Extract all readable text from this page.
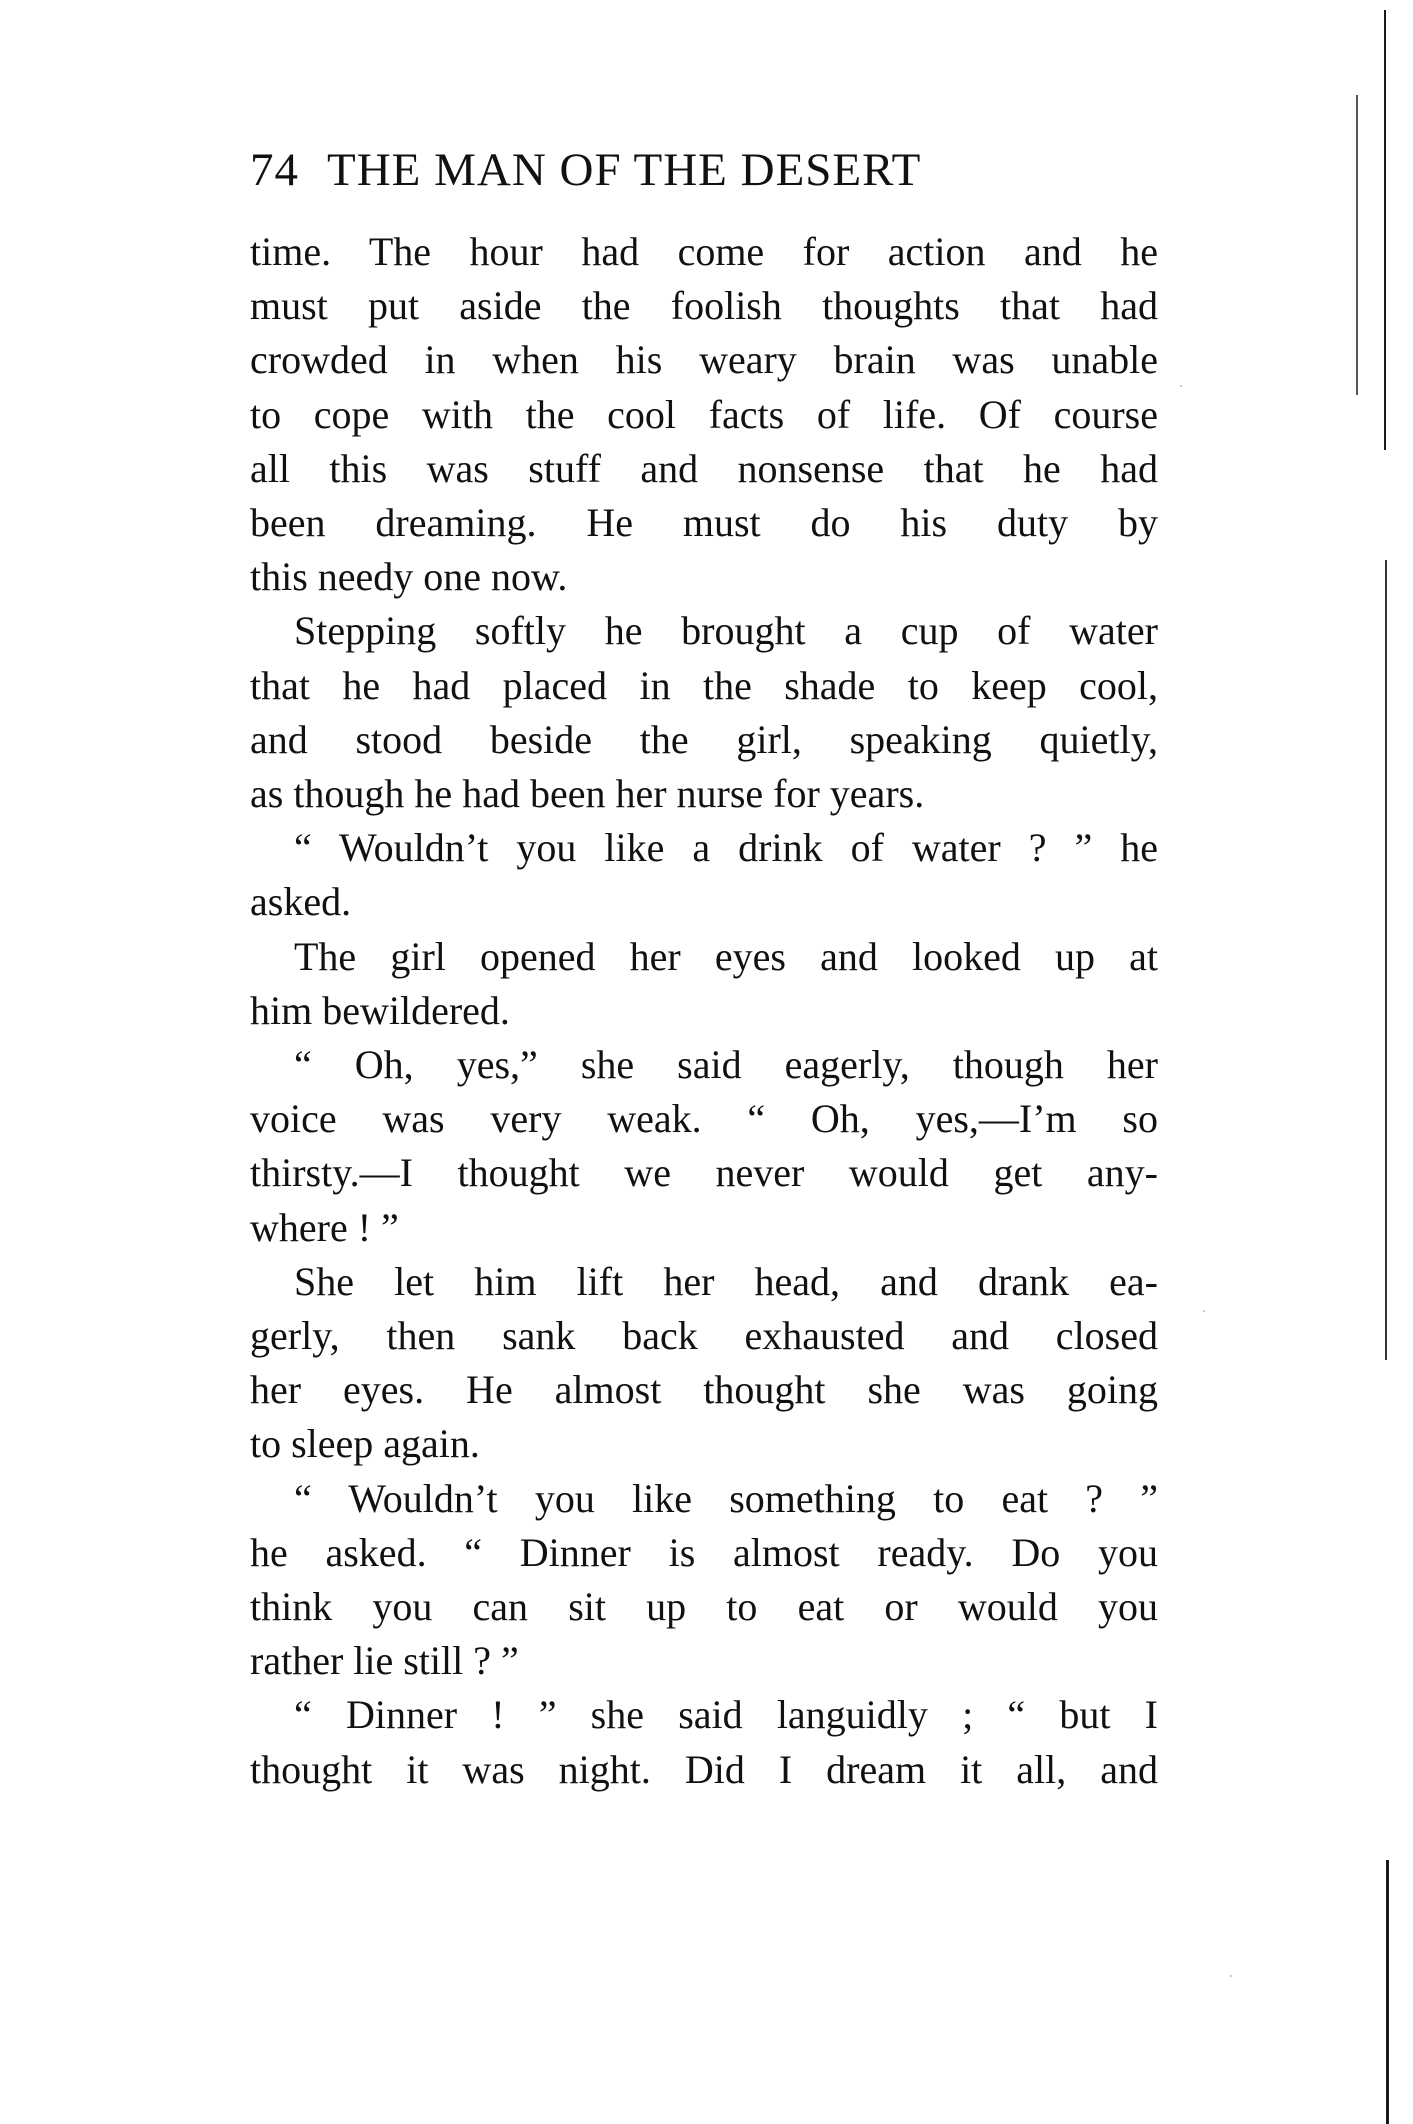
74 THE MAN OF THE DESERT

time. The hour had come for action and he
must put aside the foolish thoughts that had
crowded in when his weary brain was unable
to cope with the cool facts of life. Of course
all this was stuff and nonsense that he had
been dreaming. He must do his duty by
this needy one now.

Stepping softly he brought a cup of water
that he had placed in the shade to keep cool,
and stood beside the girl, speaking quietly,
as though he had been her nurse for years.

“ Wouldn’t you like a drink of water ? ” he
asked.

The girl opened her eyes and looked up at
him bewildered.

“ Oh, yes,” she said eagerly, though her
voice was very weak. “ Oh, yes,—I’m so
thirsty.—I thought we never would get any-
where ! ”

She let him lift her head, and drank ea-
gerly, then sank back exhausted and closed
her eyes. He almost thought she was going
to sleep again.

“ Wouldn’t you like something to eat ? ”
he asked. “ Dinner is almost ready. Do you
think you can sit up to eat or would you
rather lie still ? ”

“ Dinner ! ” she said languidly ; “ but I
thought it was night. Did I dream it all, and
